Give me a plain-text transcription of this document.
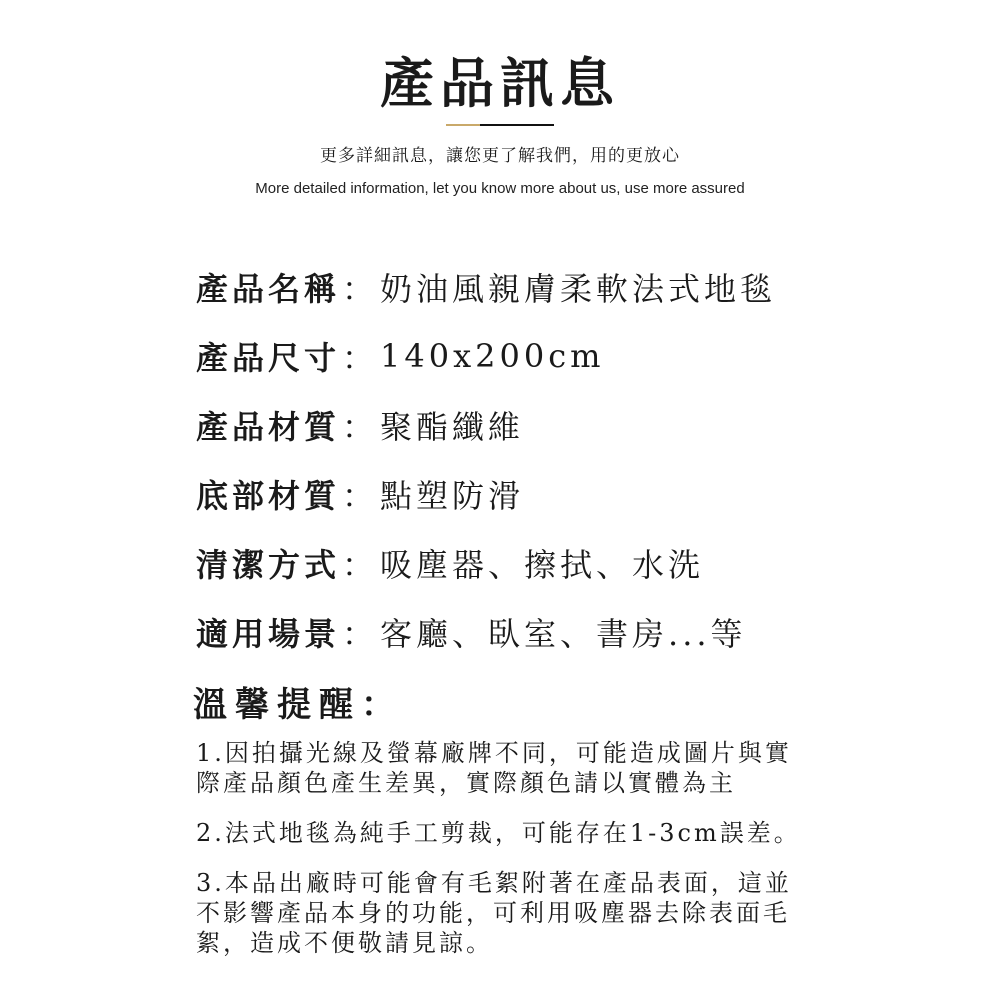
產品訊息
更多詳細訊息，讓您更了解我們，用的更放心
More detailed information, let you know more about us, use more assured
產品名稱 ： 奶油風親膚柔軟法式地毯
產品尺寸 ： 140x200cm
產品材質 ： 聚酯纖維
底部材質 ： 點塑防滑
清潔方式 ： 吸塵器、擦拭、水洗
適用場景 ： 客廳、臥室、書房...等
溫馨提醒：
1.因拍攝光線及螢幕廠牌不同，可能造成圖片與實際產品顏色產生差異，實際顏色請以實體為主
2.法式地毯為純手工剪裁，可能存在1-3cm誤差。
3.本品出廠時可能會有毛絮附著在產品表面，這並不影響產品本身的功能，可利用吸塵器去除表面毛絮，造成不便敬請見諒。
